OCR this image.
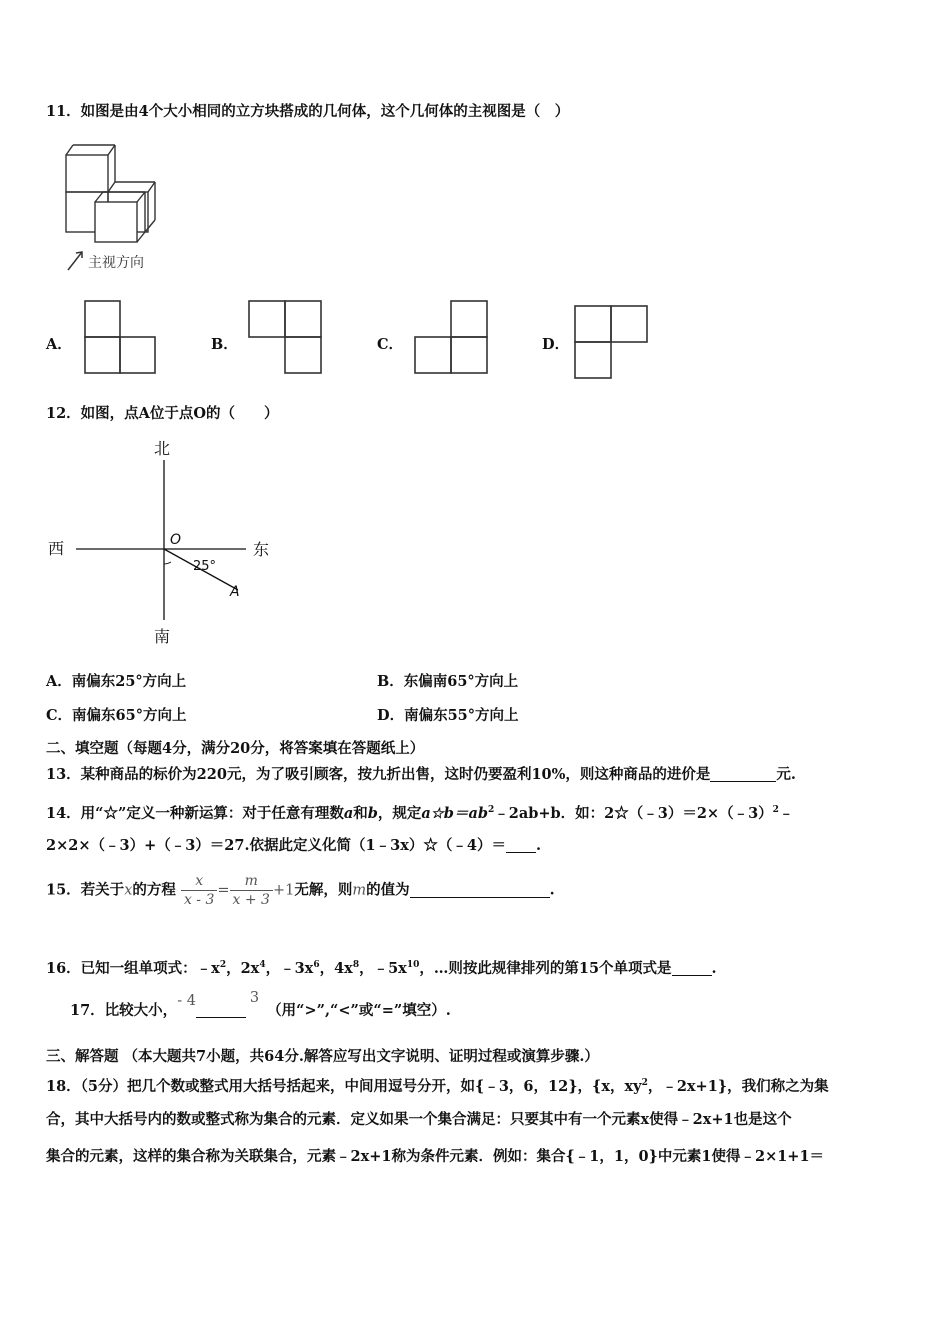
11．如图是由4个大小相同的立方块搭成的几何体，这个几何体的主视图是（　）
主视方向
A．	B．	C．	D．
12．如图，点A位于点O的（　　）
北
南
西	东
O
A
25°
A．南偏东25°方向上	B．东偏南65°方向上
C．南偏东65°方向上	D．南偏东55°方向上
二、填空题（每题4分，满分20分，将答案填在答题纸上）
13．某种商品的标价为220元，为了吸引顾客，按九折出售，这时仍要盈利10%，则这种商品的进价是	元.
14．用“☆”定义一种新运算：对于任意有理数a和b，规定$a☆b=ab^2﹣2ab+b$．如：2☆（﹣3）＝2×（﹣3）$^2$﹣
2×2×（﹣3）+（﹣3）＝27.依据此定义化简（1﹣3x）☆（﹣4）＝ .
15．若关于x的方程 $\frac{x}{x - 3} = \frac{m}{x + 3} +1$无解，则m的值为	.
16．已知一组单项式：$﹣x^2$，$2x^4$，$﹣3x^6$，$4x^8$，$﹣5x^{10}$，…则按此规律排列的第15个单项式是	.
17．比较大小，- 4	3（用“>”,“<”或“=”填空）.
三、解答题 （本大题共7小题，共64分.解答应写出文字说明、证明过程或演算步骤.）
18．（5分）把几个数或整式用大括号括起来，中间用逗号分开，如{﹣3，6，12}，{x，$xy^2$，﹣2x+1}，我们称之为集
合，其中大括号内的数或整式称为集合的元素．定义如果一个集合满足：只要其中有一个元素x使得﹣2x+1也是这个
集合的元素，这样的集合称为关联集合，元素﹣2x+1称为条件元素．例如：集合{﹣1，1，0}中元素1使得﹣2×1+1＝
